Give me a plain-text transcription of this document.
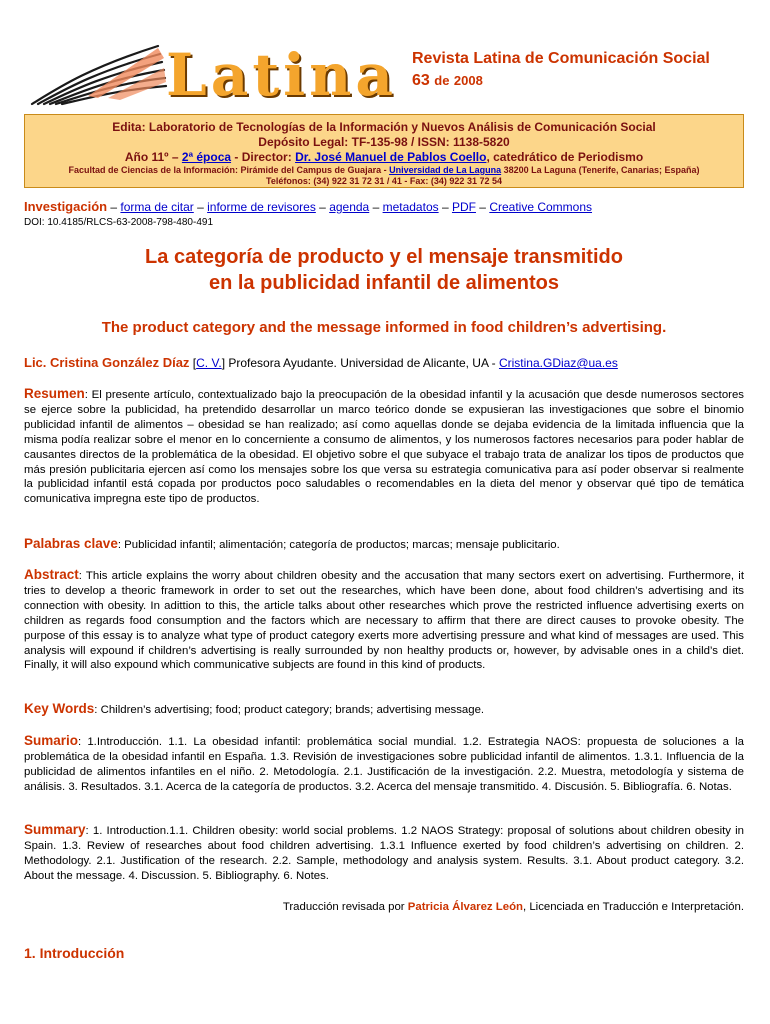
Latina Revista Latina de Comunicación Social
63 de 2008
Edita: Laboratorio de Tecnologías de la Información y Nuevos Análisis de Comunicación Social
Depósito Legal: TF-135-98 / ISSN: 1138-5820
Año 11º – 2ª época - Director: Dr. José Manuel de Pablos Coello, catedrático de Periodismo
Facultad de Ciencias de la Información: Pirámide del Campus de Guajara - Universidad de La Laguna 38200 La Laguna (Tenerife, Canarias; España)
Teléfonos: (34) 922 31 72 31 / 41 - Fax: (34) 922 31 72 54
Investigación – forma de citar – informe de revisores – agenda – metadatos – PDF – Creative Commons
DOI: 10.4185/RLCS-63-2008-798-480-491
La categoría de producto y el mensaje transmitido
en la publicidad infantil de alimentos
The product category and the message informed in food children’s advertising.
Lic. Cristina González Díaz [C. V.] Profesora Ayudante. Universidad de Alicante, UA - Cristina.GDiaz@ua.es
Resumen: El presente artículo, contextualizado bajo la preocupación de la obesidad infantil y la acusación que desde numerosos sectores se ejerce sobre la publicidad, ha pretendido desarrollar un marco teórico donde se expusieran las investigaciones que sobre el binomio publicidad infantil de alimentos – obesidad se han realizado; así como aquellas donde se dejaba evidencia de la limitada influencia que la misma podía realizar sobre el menor en lo concerniente a consumo de alimentos, y los numerosos factores necesarios para poder hablar de causantes directos de la problemática de la obesidad. El objetivo sobre el que subyace el trabajo trata de analizar los tipos de productos que más presión publicitaria ejercen así como los mensajes sobre los que versa su estrategia comunicativa para así poder observar si realmente la publicidad infantil está copada por productos poco saludables o recomendables en la dieta del menor y observar qué tipo de temática comunicativa impregna este tipo de productos.
Palabras clave: Publicidad infantil; alimentación; categoría de productos; marcas; mensaje publicitario.
Abstract: This article explains the worry about children obesity and the accusation that many sectors exert on advertising. Furthermore, it tries to develop a theoric framework in order to set out the researches, which have been done, about food children’s advertising and its connection with obesity. In adittion to this, the article talks about other researches which prove the restricted influence advertising exerts on children as regards food consumption and the factors which are necessary to affirm that there are direct causes to provoke obesity. The purpose of this essay is to analyze what type of product category exerts more advertising pressure and what kind of messages are used. This analysis will expound if children’s advertising is really surrounded by non healthy products or, however, by advisable ones in a child’s diet. Finally, it will also expound which communicative subjects are found in this kind of products.
Key Words: Children’s advertising; food; product category; brands; advertising message.
Sumario: 1.Introducción. 1.1. La obesidad infantil: problemática social mundial. 1.2. Estrategia NAOS: propuesta de soluciones a la problemática de la obesidad infantil en España. 1.3. Revisión de investigaciones sobre publicidad infantil de alimentos. 1.3.1. Influencia de la publicidad de alimentos infantiles en el niño. 2. Metodología. 2.1. Justificación de la investigación. 2.2. Muestra, metodología y sistema de análisis. 3. Resultados. 3.1. Acerca de la categoría de productos. 3.2. Acerca del mensaje transmitido. 4. Discusión. 5. Bibliografía. 6. Notas.
Summary: 1. Introduction.1.1. Children obesity: world social problems. 1.2 NAOS Strategy: proposal of solutions about children obesity in Spain. 1.3. Review of researches about food children advertising. 1.3.1 Influence exerted by food children’s advertising on children. 2. Methodology. 2.1. Justification of the research. 2.2. Sample, methodology and analysis system. Results. 3.1. About product category. 3.2. About the message. 4. Discussion. 5. Bibliography. 6. Notes.
Traducción revisada por Patricia Álvarez León, Licenciada en Traducción e Interpretación.
1. Introducción
